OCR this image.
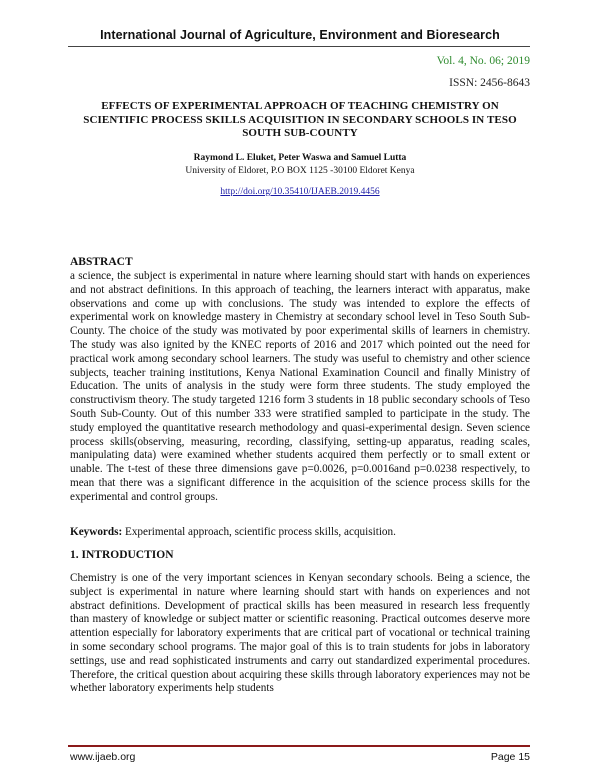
International Journal of Agriculture, Environment and Bioresearch
Vol. 4, No. 06; 2019
ISSN: 2456-8643
EFFECTS OF EXPERIMENTAL APPROACH OF TEACHING CHEMISTRY ON SCIENTIFIC PROCESS SKILLS ACQUISITION IN SECONDARY SCHOOLS IN TESO SOUTH SUB-COUNTY
Raymond L. Eluket, Peter Waswa and Samuel Lutta
University of Eldoret, P.O BOX 1125 -30100 Eldoret Kenya
http://doi.org/10.35410/IJAEB.2019.4456
ABSTRACT

a science, the subject is experimental in nature where learning should start with hands on experiences and not abstract definitions. In this approach of teaching, the learners interact with apparatus, make observations and come up with conclusions. The study was intended to explore the effects of experimental work on knowledge mastery in Chemistry at secondary school level in Teso South Sub-County. The choice of the study was motivated by poor experimental skills of learners in chemistry. The study was also ignited by the KNEC reports of 2016 and 2017 which pointed out the need for practical work among secondary school learners. The study was useful to chemistry and other science subjects, teacher training institutions, Kenya National Examination Council and finally Ministry of Education. The units of analysis in the study were form three students. The study employed the constructivism theory. The study targeted 1216 form 3 students in 18 public secondary schools of Teso South Sub-County. Out of this number 333 were stratified sampled to participate in the study. The study employed the quantitative research methodology and quasi-experimental design. Seven science process skills(observing, measuring, recording, classifying, setting-up apparatus, reading scales, manipulating data) were examined whether students acquired them perfectly or to small extent or unable. The t-test of these three dimensions gave p=0.0026, p=0.0016and p=0.0238 respectively, to mean that there was a significant difference in the acquisition of the science process skills for the experimental and control groups.

Keywords: Experimental approach, scientific process skills, acquisition.

1. INTRODUCTION

Chemistry is one of the very important sciences in Kenyan secondary schools. Being a science, the subject is experimental in nature where learning should start with hands on experiences and not abstract definitions. Development of practical skills has been measured in research less frequently than mastery of knowledge or subject matter or scientific reasoning. Practical outcomes deserve more attention especially for laboratory experiments that are critical part of vocational or technical training in some secondary school programs. The major goal of this is to train students for jobs in laboratory settings, use and read sophisticated instruments and carry out standardized experimental procedures. Therefore, the critical question about acquiring these skills through laboratory experiences may not be whether laboratory experiments help students

www.ijaeb.org	Page 15
